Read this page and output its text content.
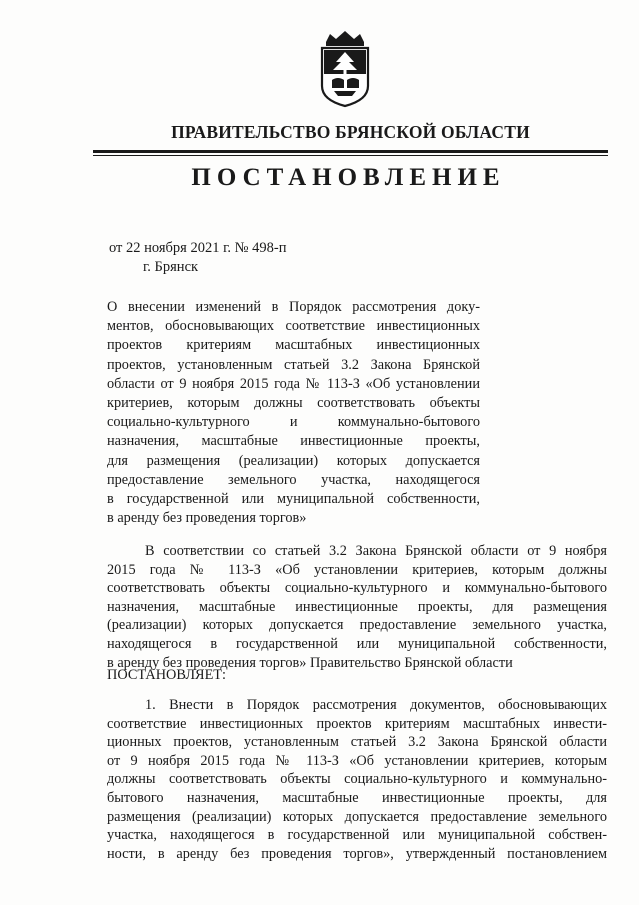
ПРАВИТЕЛЬСТВО БРЯНСКОЙ ОБЛАСТИ
ПОСТАНОВЛЕНИЕ
от 22 ноября 2021 г. № 498-п
г. Брянск
О внесении изменений в Порядок рассмотрения доку-
ментов, обосновывающих соответствие инвестиционных
проектов критериям масштабных инвестиционных
проектов, установленным статьей 3.2 Закона Брянской
области от 9 ноября 2015 года № 113-З «Об установлении
критериев, которым должны соответствовать объекты
социально-культурного и коммунально-бытового
назначения, масштабные инвестиционные проекты,
для размещения (реализации) которых допускается
предоставление земельного участка, находящегося
в государственной или муниципальной собственности,
в аренду без проведения торгов»
В соответствии со статьей 3.2 Закона Брянской области от 9 ноября
2015 года № 113-З «Об установлении критериев, которым должны
соответствовать объекты социально-культурного и коммунально-бытового
назначения, масштабные инвестиционные проекты, для размещения
(реализации) которых допускается предоставление земельного участка,
находящегося в государственной или муниципальной собственности,
в аренду без проведения торгов» Правительство Брянской области
ПОСТАНОВЛЯЕТ:
1. Внести в Порядок рассмотрения документов, обосновывающих
соответствие инвестиционных проектов критериям масштабных инвести-
ционных проектов, установленным статьей 3.2 Закона Брянской области
от 9 ноября 2015 года № 113-З «Об установлении критериев, которым
должны соответствовать объекты социально-культурного и коммунально-
бытового назначения, масштабные инвестиционные проекты, для
размещения (реализации) которых допускается предоставление земельного
участка, находящегося в государственной или муниципальной собствен-
ности, в аренду без проведения торгов», утвержденный постановлением
